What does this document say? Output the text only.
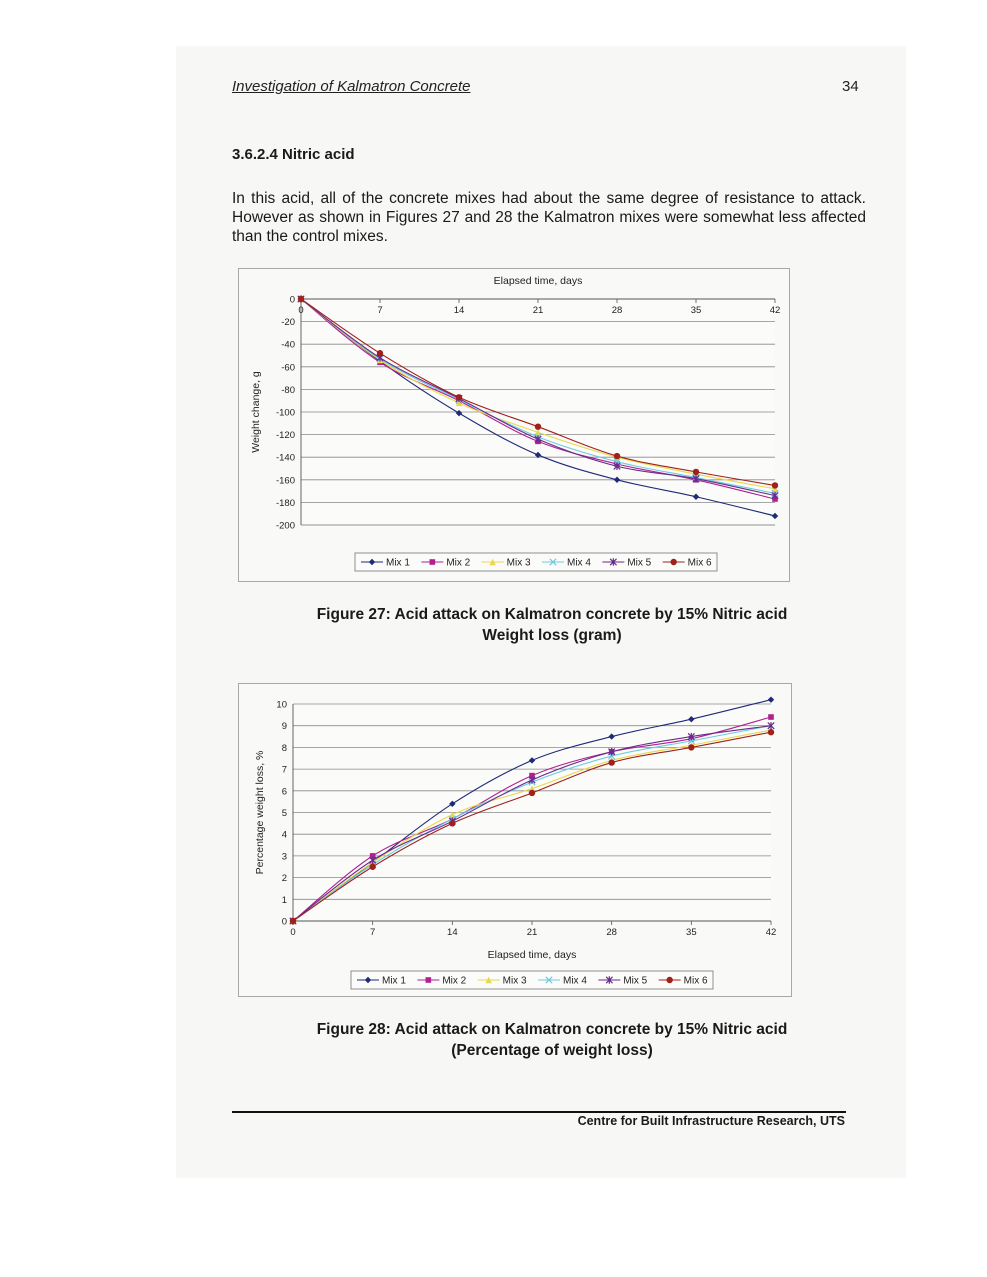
Investigation of Kalmatron Concrete	34
3.6.2.4 Nitric acid

In this acid, all of the concrete mixes had about the same degree of resistance to attack. However as shown in Figures 27 and 28 the Kalmatron mixes were somewhat less affected than the control mixes.

0
-20
-40
-60
-80
-100
-120
-140
-160
-180
-200
0	7	14	21	28	35	42
Elapsed time, days
Weight change, g
Mix 1	Mix 2	Mix 3	Mix 4	Mix 5	Mix 6
Figure 27: Acid attack on Kalmatron concrete by 15% Nitric acid
Weight loss (gram)
0
1
2
3
4
5
6
7
8
9
10
0	7	14	21	28	35	42
Elapsed time, days
Percentage weight loss, %
Mix 1	Mix 2	Mix 3	Mix 4	Mix 5	Mix 6
Figure 28: Acid attack on Kalmatron concrete by 15% Nitric acid
(Percentage of weight loss)
Centre for Built Infrastructure Research, UTS
